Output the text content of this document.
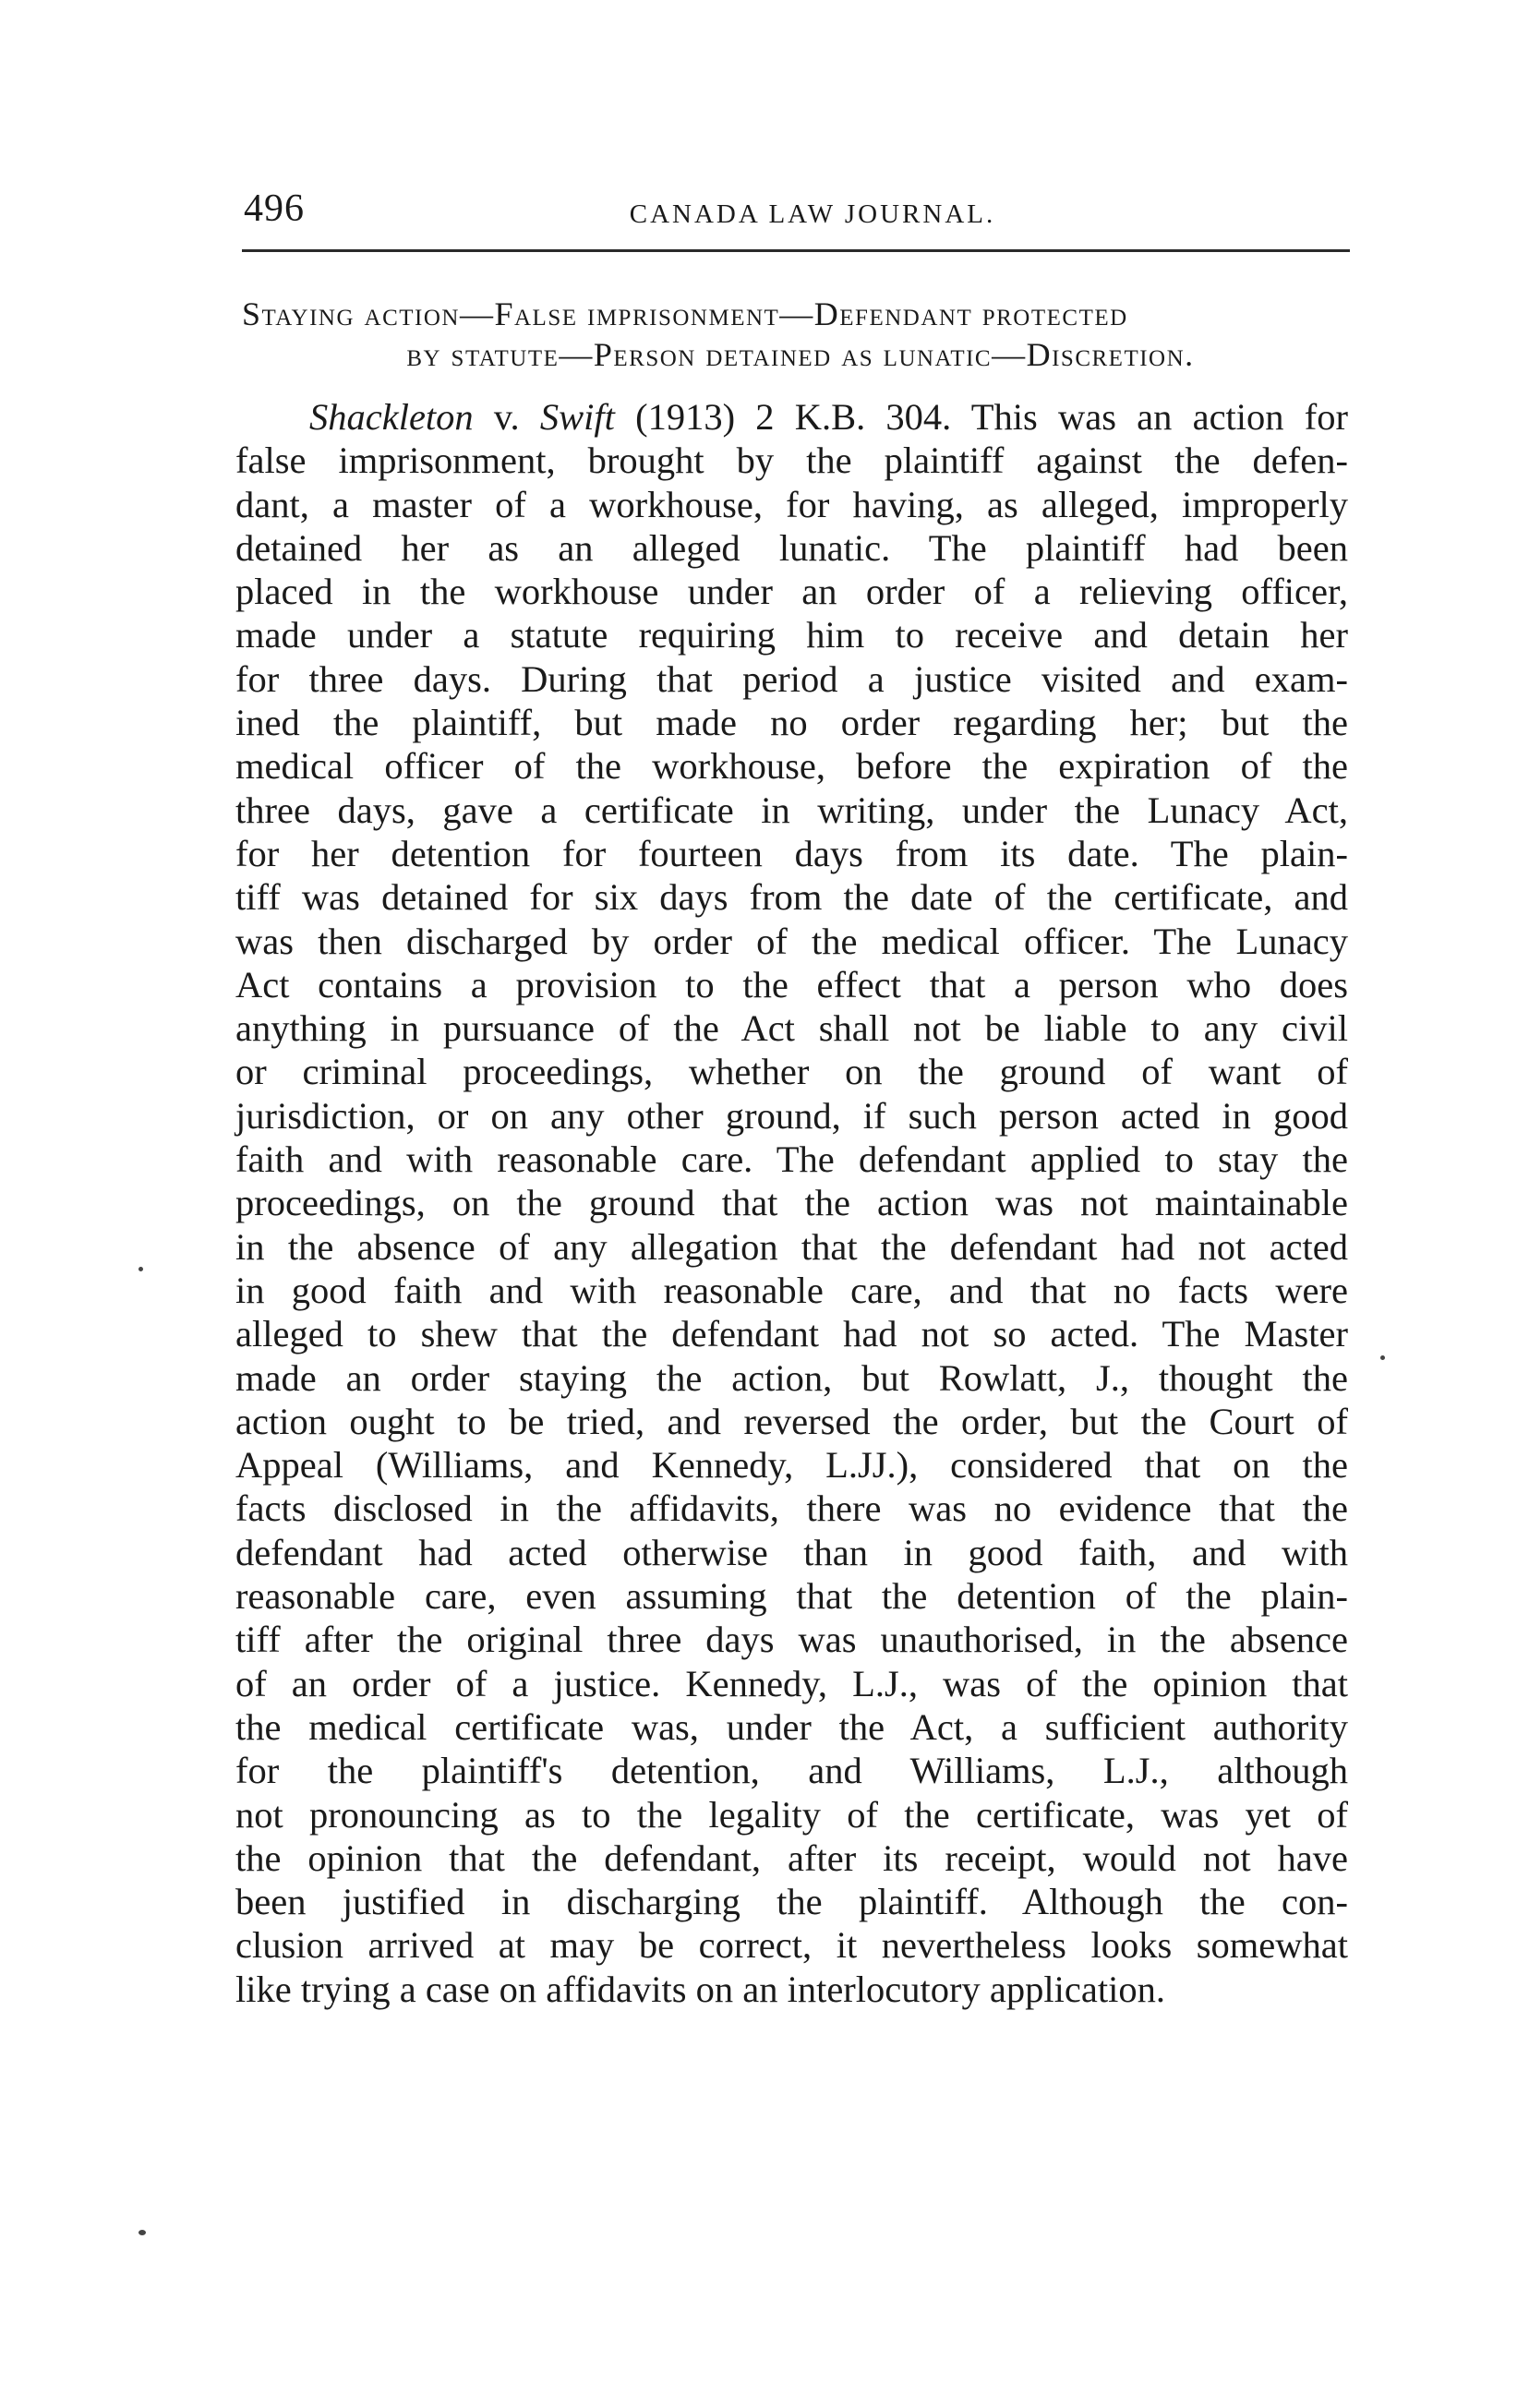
496	CANADA LAW JOURNAL.
Staying action—False imprisonment—Defendant protected
by statute—Person detained as lunatic—Discretion.
Shackleton v. Swift (1913) 2 K.B. 304. This was an action for
false imprisonment, brought by the plaintiff against the defen-
dant, a master of a workhouse, for having, as alleged, improperly
detained her as an alleged lunatic. The plaintiff had been
placed in the workhouse under an order of a relieving officer,
made under a statute requiring him to receive and detain her
for three days. During that period a justice visited and exam-
ined the plaintiff, but made no order regarding her; but the
medical officer of the workhouse, before the expiration of the
three days, gave a certificate in writing, under the Lunacy Act,
for her detention for fourteen days from its date. The plain-
tiff was detained for six days from the date of the certificate, and
was then discharged by order of the medical officer. The Lunacy
Act contains a provision to the effect that a person who does
anything in pursuance of the Act shall not be liable to any civil
or criminal proceedings, whether on the ground of want of
jurisdiction, or on any other ground, if such person acted in good
faith and with reasonable care. The defendant applied to stay the
proceedings, on the ground that the action was not maintainable
in the absence of any allegation that the defendant had not acted
in good faith and with reasonable care, and that no facts were
alleged to shew that the defendant had not so acted. The Master
made an order staying the action, but Rowlatt, J., thought the
action ought to be tried, and reversed the order, but the Court of
Appeal (Williams, and Kennedy, L.JJ.), considered that on the
facts disclosed in the affidavits, there was no evidence that the
defendant had acted otherwise than in good faith, and with
reasonable care, even assuming that the detention of the plain-
tiff after the original three days was unauthorised, in the absence
of an order of a justice. Kennedy, L.J., was of the opinion that
the medical certificate was, under the Act, a sufficient authority
for the plaintiff's detention, and Williams, L.J., although
not pronouncing as to the legality of the certificate, was yet of
the opinion that the defendant, after its receipt, would not have
been justified in discharging the plaintiff. Although the con-
clusion arrived at may be correct, it nevertheless looks somewhat
like trying a case on affidavits on an interlocutory application.
